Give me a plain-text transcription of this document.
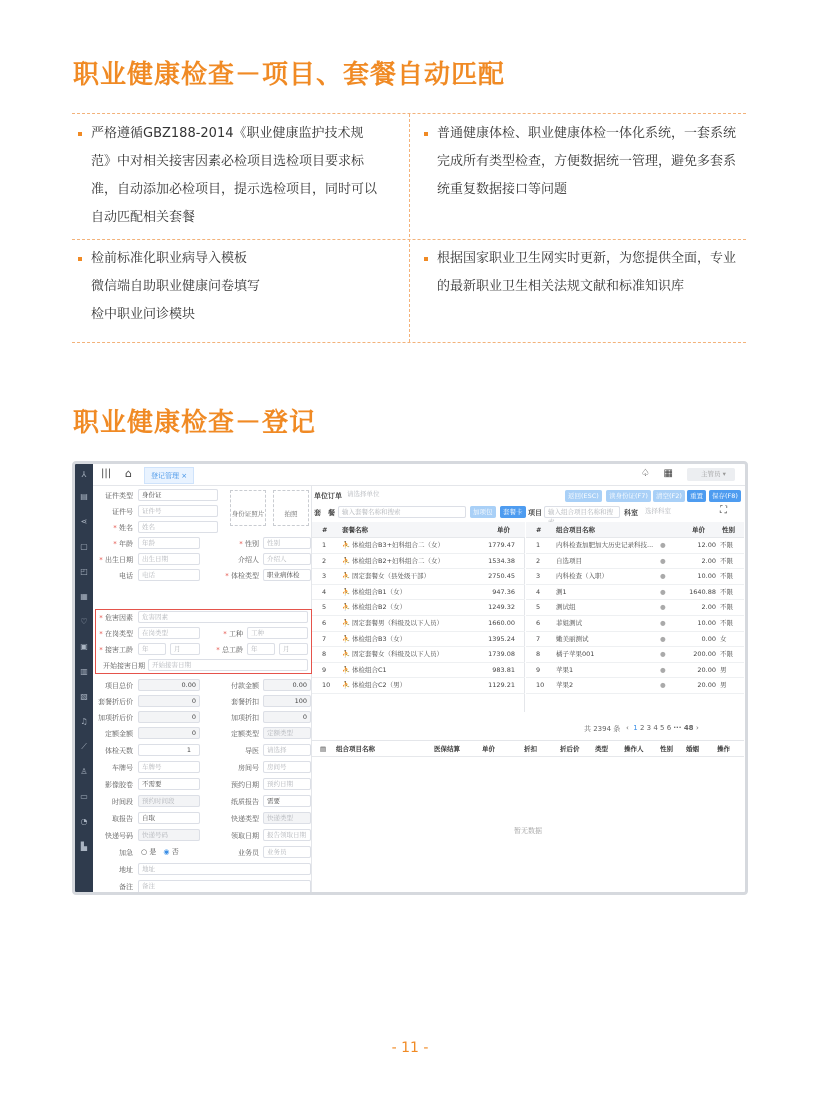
职业健康检查－项目、套餐自动匹配
严格遵循GBZ188-2014《职业健康监护技术规范》中对相关接害因素必检项目选检项目要求标准，自动添加必检项目，提示选检项目，同时可以自动匹配相关套餐
普通健康体检、职业健康体检一体化系统，一套系统完成所有类型检查，方便数据统一管理，避免多套系统重复数据接口等问题
检前标准化职业病导入模板
微信端自助职业健康问卷填写
检中职业问诊模块
根据国家职业卫生网实时更新，为您提供全面，专业的最新职业卫生相关法规文献和标准知识库
职业健康检查－登记
⅄
▤
⋖
▢
◰
▦
♡
▣
▥
▧
♫
⟋
♙
▭
◔
▙
||| ⌂	登记管理 ×	♤ ▦	主管员 ▾
证件类型	身份证
证件号	证件号
* 姓名	姓名
* 年龄	年龄	* 性别	性别
* 出生日期	出生日期	介绍人	介绍人
电话	电话	* 体检类型	职业病体检
身份证照片	拍照
* 危害因素	危害因素
* 在岗类型	在岗类型	* 工种	工种
* 接害工龄	年	月	* 总工龄	年	月
开始接害日期	开始接害日期
项目总价	0.00	付款金额	0.00
套餐折后价	0	套餐折扣	100
加项折后价	0	加项折扣	0
定额金额	0	定额类型	定额类型
体检天数	1	导医	请选择
车牌号	车牌号	房间号	房间号
影像胶卷	不需要	预约日期	预约日期
时间段	预约时间段	纸质报告	需要
取报告	自取	快递类型	快递类型
快递号码	快递号码	领取日期	报告领取日期
加急 ○ 是　 ◉ 否	业务员	业务员
地址	地址
备注	备注
单位订单 请选择单位	返回(ESC)	读身份证(F7)	清空(F2)	重置	保存(F8)
套　餐	输入套餐名称和搜索	加项包	套餐卡 项目 输入组合项目名称和搜	科室	选择科室	⛶
# 套餐名称	单价
1 ⛹ 体检组合B3+妇科组合二（女）	1779.47
2 ⛹ 体检组合B2+妇科组合二（女）	1534.38
3 ⛹ 固定套餐女（县处级干部）	2750.45
4 ⛹ 体检组合B1（女）	947.36
5 ⛹ 体检组合B2（女）	1249.32
6 ⛹ 固定套餐男（科级及以下人员）	1660.00
7 ⛹ 体检组合B3（女）	1395.24
8 ⛹ 固定套餐女（科级及以下人员）	1739.08
9 ⛹ 体检组合C1	983.81
10 ⛹ 体检组合C2（男）	1129.21
# 组合项目名称	单价	性别
1 内科检查加肥加大历史记录科技... ●	12.00 不限
2 自选项目	●	2.00 不限
3 内科检查（入职）	●	10.00 不限
4 测1	●	1640.88 不限
5 测试组	●	2.00 不限
6 菲姐测试	●	10.00 不限
7 嫩美丽测试	●	0.00 女
8 橘子苹果001	●	200.00 不限
9 苹果1	●	20.00 男
10 苹果2	●	20.00 男
共 2394 条 ‹ 1 2 3 4 5 6 ··· 48 ›
▤ 组合项目名称	医保结算	单价	折扣	折后价 类型 操作人	性别 婚姻	操作
暂无数据
- 11 -
